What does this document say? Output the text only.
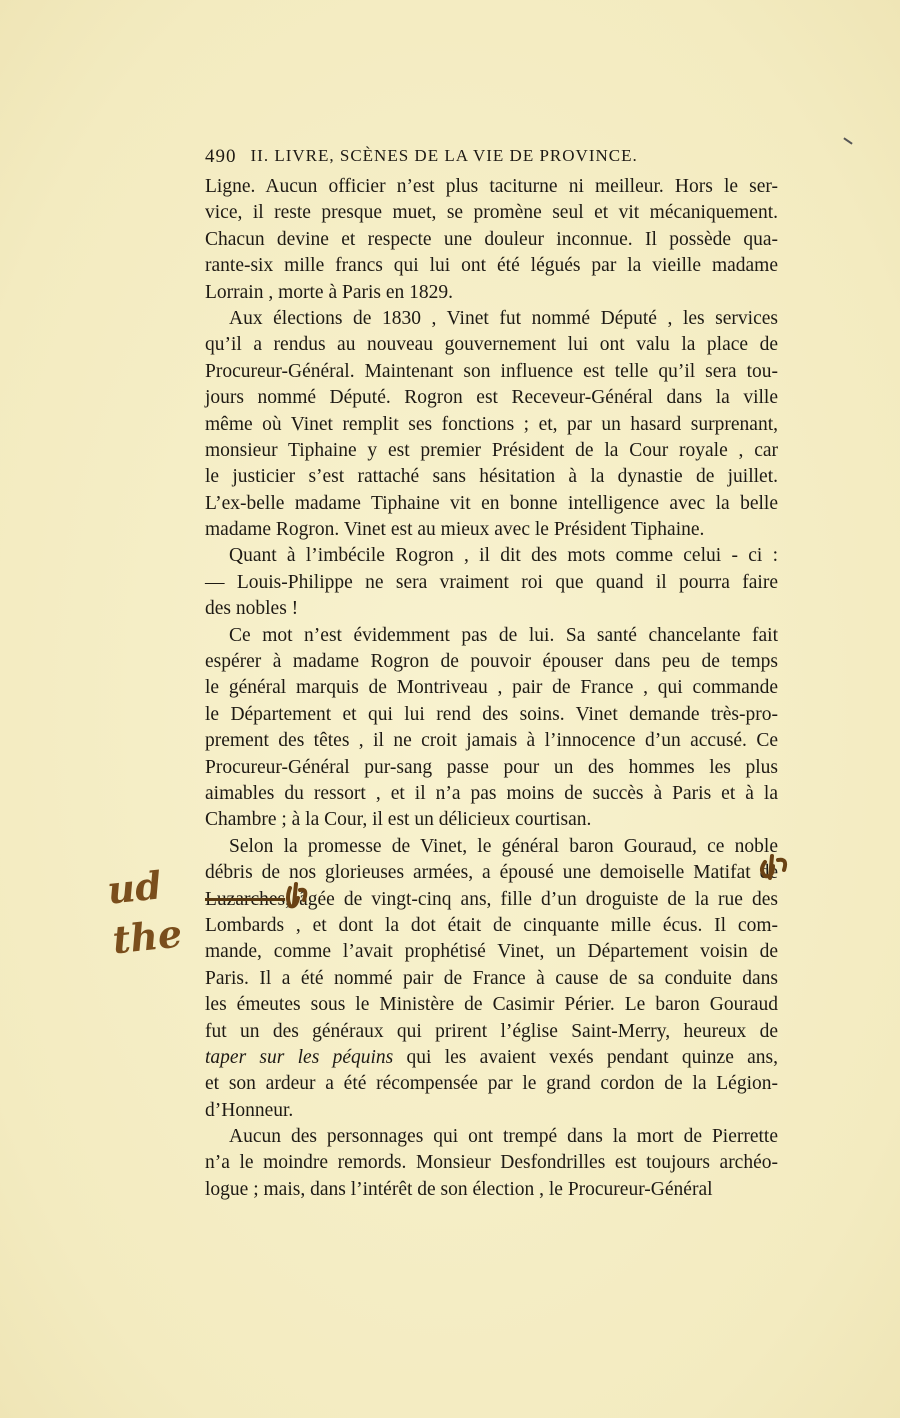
490 II. LIVRE, SCÈNES DE LA VIE DE PROVINCE.
Ligne. Aucun officier n’est plus taciturne ni meilleur. Hors le ser-
vice, il reste presque muet, se promène seul et vit mécaniquement.
Chacun devine et respecte une douleur inconnue. Il possède qua-
rante-six mille francs qui lui ont été légués par la vieille madame
Lorrain , morte à Paris en 1829.
Aux élections de 1830 , Vinet fut nommé Député , les services
qu’il a rendus au nouveau gouvernement lui ont valu la place de
Procureur-Général. Maintenant son influence est telle qu’il sera tou-
jours nommé Député. Rogron est Receveur-Général dans la ville
même où Vinet remplit ses fonctions ; et, par un hasard surprenant,
monsieur Tiphaine y est premier Président de la Cour royale , car
le justicier s’est rattaché sans hésitation à la dynastie de juillet.
L’ex-belle madame Tiphaine vit en bonne intelligence avec la belle
madame Rogron. Vinet est au mieux avec le Président Tiphaine.
Quant à l’imbécile Rogron , il dit des mots comme celui - ci :
— Louis-Philippe ne sera vraiment roi que quand il pourra faire
des nobles !
Ce mot n’est évidemment pas de lui. Sa santé chancelante fait
espérer à madame Rogron de pouvoir épouser dans peu de temps
le général marquis de Montriveau , pair de France , qui commande
le Département et qui lui rend des soins. Vinet demande très-pro-
prement des têtes , il ne croit jamais à l’innocence d’un accusé. Ce
Procureur-Général pur-sang passe pour un des hommes les plus
aimables du ressort , et il n’a pas moins de succès à Paris et à la
Chambre ; à la Cour, il est un délicieux courtisan.
Selon la promesse de Vinet, le général baron Gouraud, ce noble
débris de nos glorieuses armées, a épousé une demoiselle Matifat de
Luzarches, âgée de vingt-cinq ans, fille d’un droguiste de la rue des
Lombards , et dont la dot était de cinquante mille écus. Il com-
mande, comme l’avait prophétisé Vinet, un Département voisin de
Paris. Il a été nommé pair de France à cause de sa conduite dans
les émeutes sous le Ministère de Casimir Périer. Le baron Gouraud
fut un des généraux qui prirent l’église Saint-Merry, heureux de
taper sur les péquins qui les avaient vexés pendant quinze ans,
et son ardeur a été récompensée par le grand cordon de la Légion-
d’Honneur.
Aucun des personnages qui ont trempé dans la mort de Pierrette
n’a le moindre remords. Monsieur Desfondrilles est toujours archéo-
logue ; mais, dans l’intérêt de son élection , le Procureur-Général
ud the
